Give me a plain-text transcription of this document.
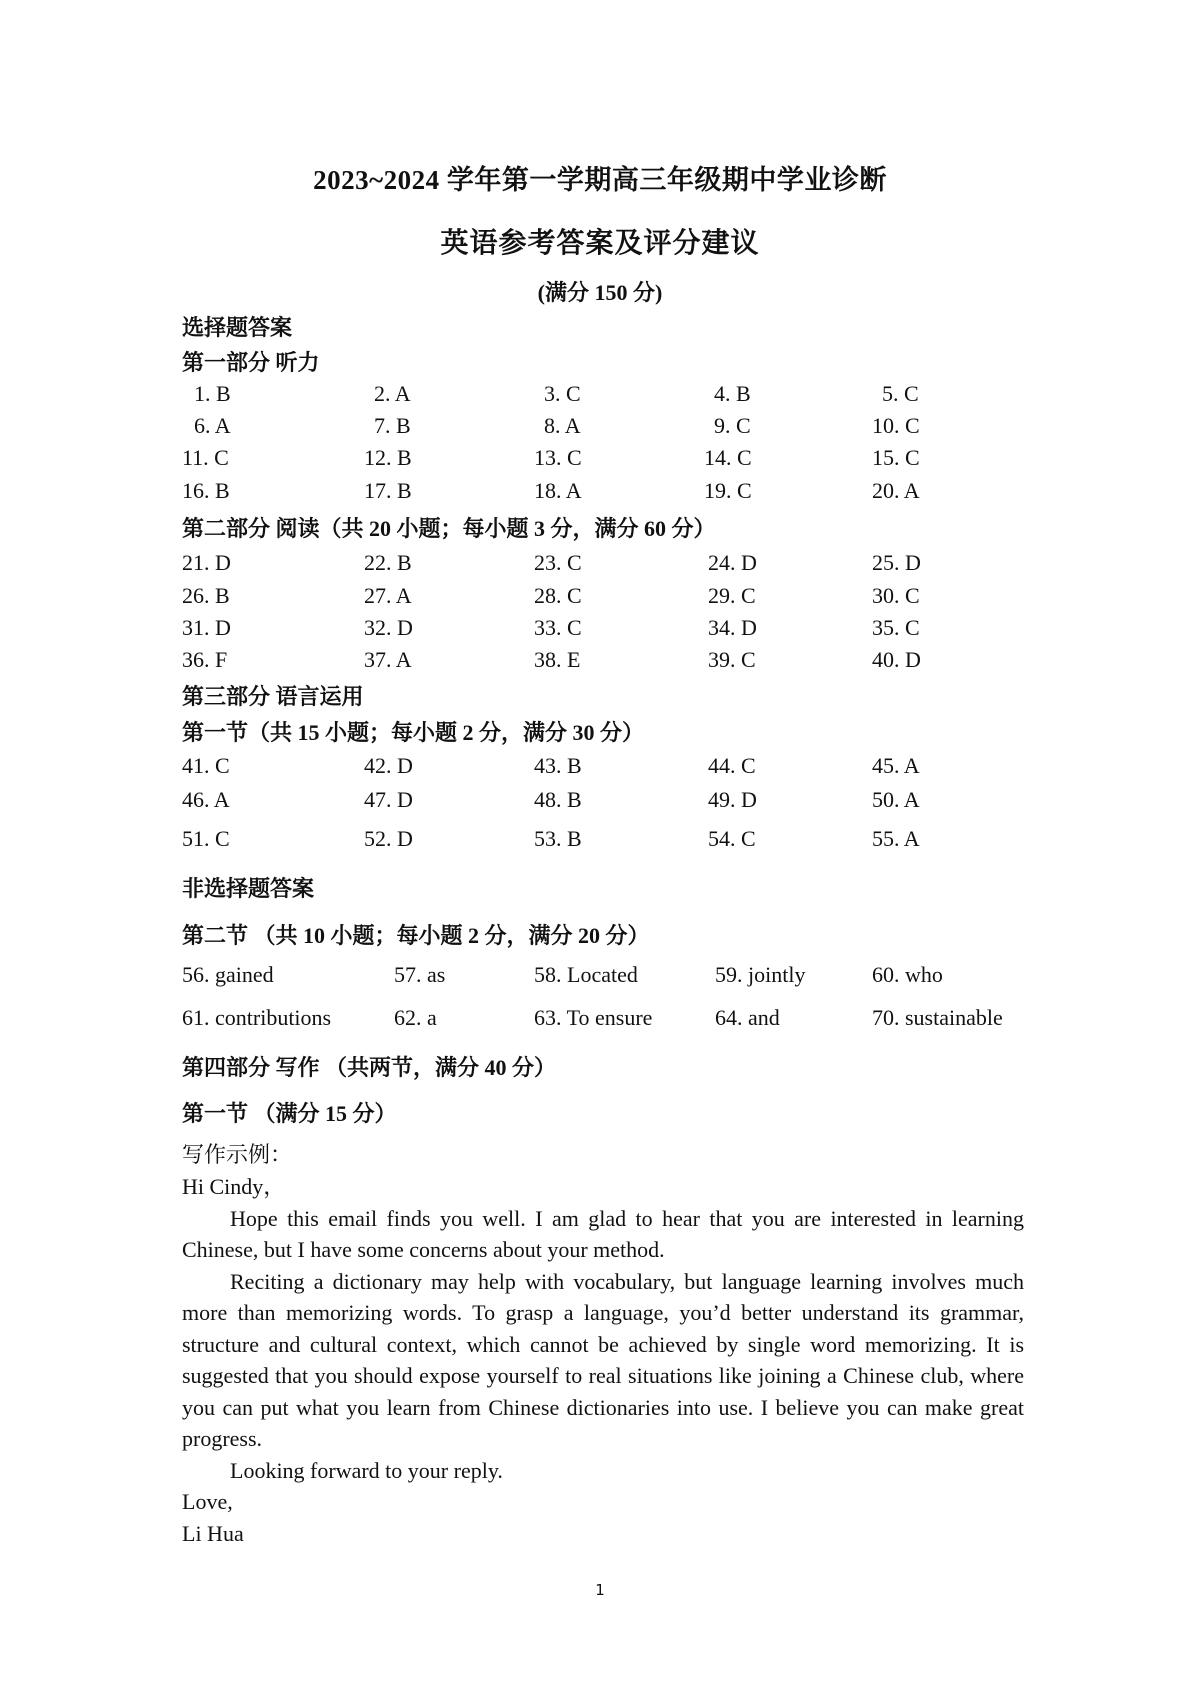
2023~2024 学年第一学期高三年级期中学业诊断
英语参考答案及评分建议
(满分 150 分)
选择题答案
第一部分 听力
1. B	2. A	3. C	4. B	5. C
6. A	7. B	8. A	9. C	10. C
11. C	12. B	13. C	14. C	15. C
16. B	17. B	18. A	19. C	20. A
第二部分 阅读（共 20 小题；每小题 3 分，满分 60 分）
21. D	22. B	23. C	24. D	25. D
26. B	27. A	28. C	29. C	30. C
31. D	32. D	33. C	34. D	35. C
36. F	37. A	38. E	39. C	40. D
第三部分 语言运用
第一节（共 15 小题；每小题 2 分，满分 30 分）
41. C	42. D	43. B	44. C	45. A
46. A	47. D	48. B	49. D	50. A
51. C	52. D	53. B	54. C	55. A
非选择题答案
第二节 （共 10 小题；每小题 2 分，满分 20 分）
56. gained	57. as	58. Located	59. jointly	60. who
61. contributions	62. a	63. To ensure	64. and	70. sustainable
第四部分 写作 （共两节，满分 40 分）
第一节 （满分 15 分）
写作示例：

Hi Cindy，

Hope this email finds you well. I am glad to hear that you are interested in learning Chinese, but I have some concerns about your method.

Reciting a dictionary may help with vocabulary, but language learning involves much more than memorizing words. To grasp a language, you’d better understand its grammar, structure and cultural context, which cannot be achieved by single word memorizing. It is suggested that you should expose yourself to real situations like joining a Chinese club, where you can put what you learn from Chinese dictionaries into use. I believe you can make great progress.

Looking forward to your reply.

Love,

Li Hua

1
